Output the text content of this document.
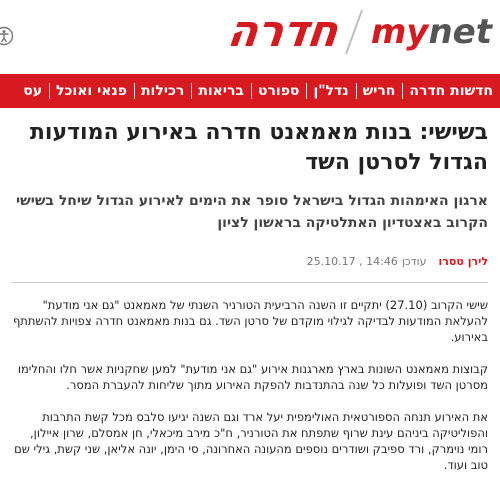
חדרה my net
חדשות חדרה
חריש
נדל"ן
ספורט
בריאות
רכילות
פנאי ואוכל
עס
בשישי: בנות מאמאנט חדרה באירוע המודעות הגדול לסרטן השד

ארגון האימהות הגדול בישראל סופר את הימים לאירוע הגדול שיחל בשישי הקרוב באצטדיון האתלטיקה בראשון לציון

לירן טסרו
עודכן
25.10.17 , 14:46

שישי הקרוב (27.10) יתקיים זו השנה הרביעית הטורניר השנתי של מאמאנט "גם אני מודעת" להעלאת המודעות לבדיקה לגילוי מוקדם של סרטן השד. גם בנות מאמאנט חדרה צפויות להשתתף באירוע.

קבוצות מאמאנט השונות בארץ מארגנות אירוע "גם אני מודעת" למען שחקניות אשר חלו והחלימו מסרטן השד ופועלות כל שנה בהתנדבות להפקת האירוע מתוך שליחות להעברת המסר.

את האירוע תנחה הספורטאית האולימפית יעל ארד וגם השנה יגיעו סלבס מכל קשת התרבות והפוליטיקה ביניהם עינת שרוף שתפתח את הטורניר, ח"כ מירב מיכאלי, חן אמסלם, שרון איילון, רומי נוימרק, ורד ספיבק ושודרים נוספים מהעונה האחרונה, סי הימן, יונה אליאן, שני קשת, גילי שם טוב ועוד.
